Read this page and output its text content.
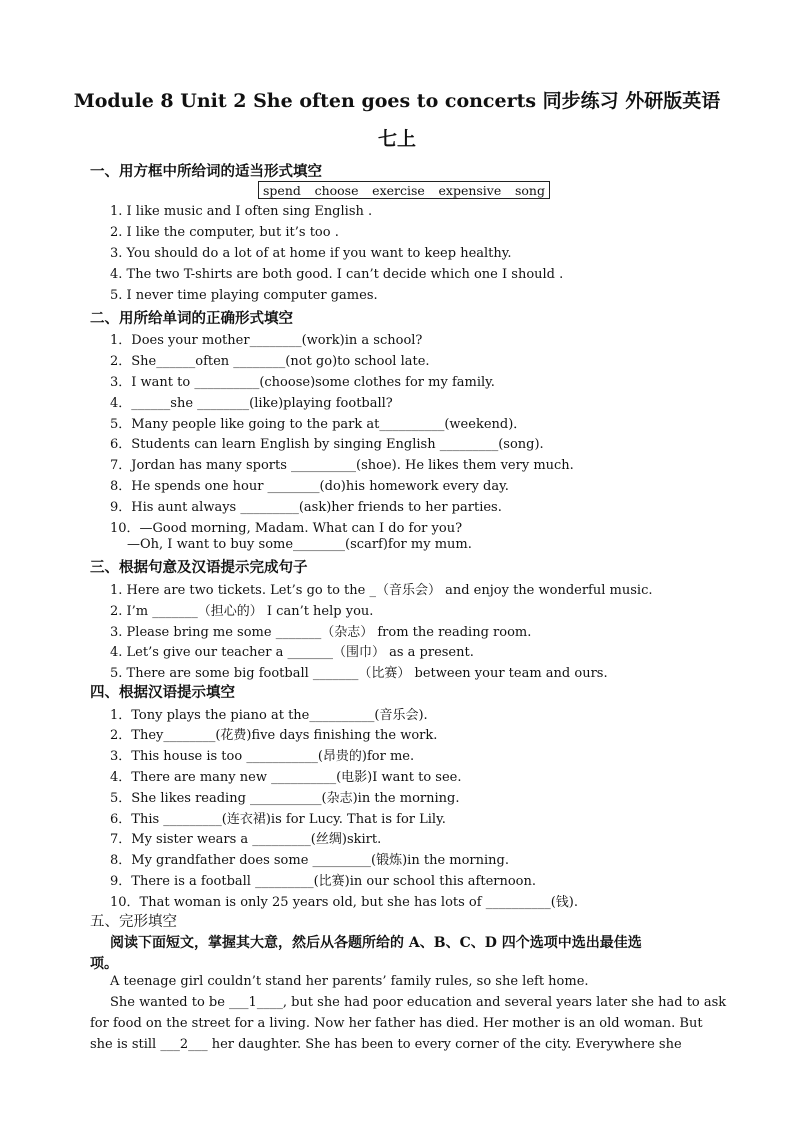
Module 8 Unit 2 She often goes to concerts 同步练习 外研版英语
七上
一、用方框中所给词的适当形式填空
spend choose exercise expensive song
1. I like music and I often sing English .
2. I like the computer, but it’s too .
3. You should do a lot of at home if you want to keep healthy.
4. The two T-shirts are both good. I can’t decide which one I should .
5. I never time playing computer games.
二、用所给单词的正确形式填空
1．Does your mother________(work)in a school?
2．She______often ________(not go)to school late.
3．I want to __________(choose)some clothes for my family.
4．______she ________(like)playing football?
5．Many people like going to the park at__________(weekend)．
6．Students can learn English by singing English _________(song).
7．Jordan has many sports __________(shoe). He likes them very much.
8．He spends one hour ________(do)his homework every day.
9．His aunt always _________(ask)her friends to her parties.
10．—Good morning, Madam. What can I do for you?
—Oh, I want to buy some________(scarf)for my mum.
三、根据句意及汉语提示完成句子
1. Here are two tickets. Let’s go to the _（音乐会） and enjoy the wonderful music.
2. I’m _______（担心的） I can’t help you.
3. Please bring me some _______（杂志） from the reading room.
4. Let’s give our teacher a _______（围巾） as a present.
5. There are some big football _______（比赛） between your team and ours.
四、根据汉语提示填空
1．Tony plays the piano at the__________(音乐会).
2．They________(花费)five days finishing the work.
3．This house is too ___________(昂贵的)for me.
4．There are many new __________(电影)I want to see.
5．She likes reading ___________(杂志)in the morning.
6．This _________(连衣裙)is for Lucy. That is for Lily.
7．My sister wears a _________(丝绸)skirt.
8．My grandfather does some _________(锻炼)in the morning.
9．There is a football _________(比赛)in our school this afternoon.
10．That woman is only 25 years old, but she has lots of __________(钱).
五、完形填空
阅读下面短文，掌握其大意，然后从各题所给的 A、B、C、D 四个选项中选出最佳选
项。
A teenage girl couldn’t stand her parents’ family rules, so she left home.
She wanted to be ___1____, but she had poor education and several years later she had to ask
for food on the street for a living. Now her father has died. Her mother is an old woman. But
she is still ___2___ her daughter. She has been to every corner of the city. Everywhere she
